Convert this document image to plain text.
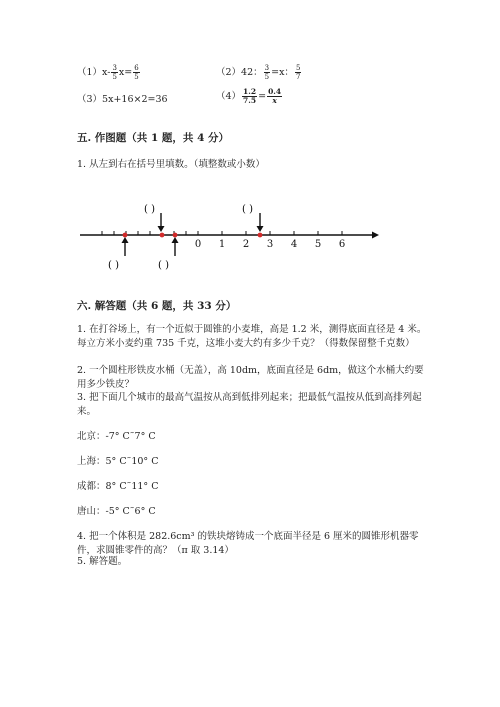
$(1)x- \frac{3}{5} x= \frac{6}{5}$	（2）42： $\frac{3}{5} =x$： $\frac{5}{7}$
（3）5x+16×2=36	$(4) \frac{1.2}{7.5} = \frac{0.4}{x}$
五. 作图题（共 1 题，共 4 分）
1. 从左到右在括号里填数。（填整数或小数）
( )	( )
0 1 2 3 4 5 6
( )	( )
六. 解答题（共 6 题，共 33 分）
1. 在打谷场上，有一个近似于圆锥的小麦堆，高是 1.2 米，测得底面直径是 4 米。每立方米小麦约重 735 千克，这堆小麦大约有多少千克？（得数保留整千克数）
2. 一个圆柱形铁皮水桶（无盖），高 10dm，底面直径是 6dm，做这个水桶大约要用多少铁皮？
3. 把下面几个城市的最高气温按从高到低排列起来；把最低气温按从低到高排列起来。
北京：-7° C˜7° C
上海：5° C˜10° C
成都：8° C˜11° C
唐山：-5° C˜6° C
4. 把一个体积是 282.6cm³ 的铁块熔铸成一个底面半径是 6 厘米的圆锥形机器零件，求圆锥零件的高？（π 取 3.14）
5. 解答题。
